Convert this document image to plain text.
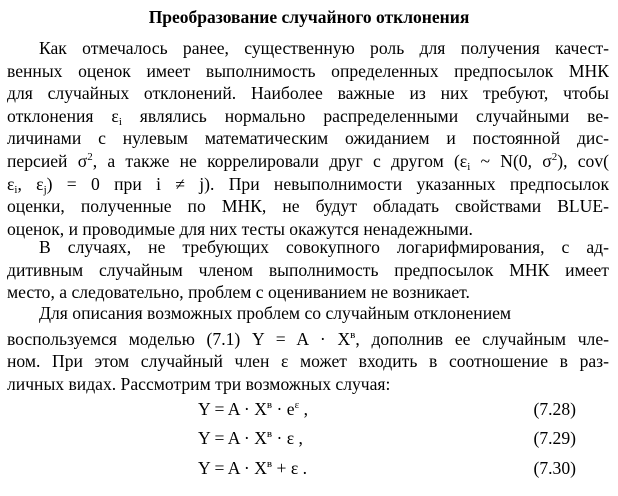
Преобразование случайного отклонения
Как отмечалось ранее, существенную роль для получения качест-
венных оценок имеет выполнимость определенных предпосылок МНК
для случайных отклонений. Наиболее важные из них требуют, чтобы
отклонения $\varepsilon_i$ являлись нормально распределенными случайными ве-
личинами с нулевым математическим ожиданием и постоянной дис-
персией $\sigma^2$, а также не коррелировали друг с другом ($\varepsilon_i$ ~ N(0, $\sigma^2$), cov(
$\varepsilon_i$, $\varepsilon_j) = 0$ при i ≠ j). При невыполнимости указанных предпосылок
оценки, полученные по МНК, не будут обладать свойствами BLUE-
оценок, и проводимые для них тесты окажутся ненадежными.
В случаях, не требующих совокупного логарифмирования, с ад-
дитивным случайным членом выполнимость предпосылок МНК имеет
место, а следовательно, проблем с оцениванием не возникает.
Для описания возможных проблем со случайным отклонением
воспользуемся моделью (7.1) $Y = A \cdot X^в$, дополнив ее случайным чле-
ном. При этом случайный член ε может входить в соотношение в раз-
личных видах. Рассмотрим три возможных случая:
$Y = A \cdot X^в \cdot e^\varepsilon$ ,	(7.28)
$Y = A \cdot X^в \cdot \varepsilon$ ,	(7.29)
$Y = A \cdot X^в + \varepsilon$ .	(7.30)
